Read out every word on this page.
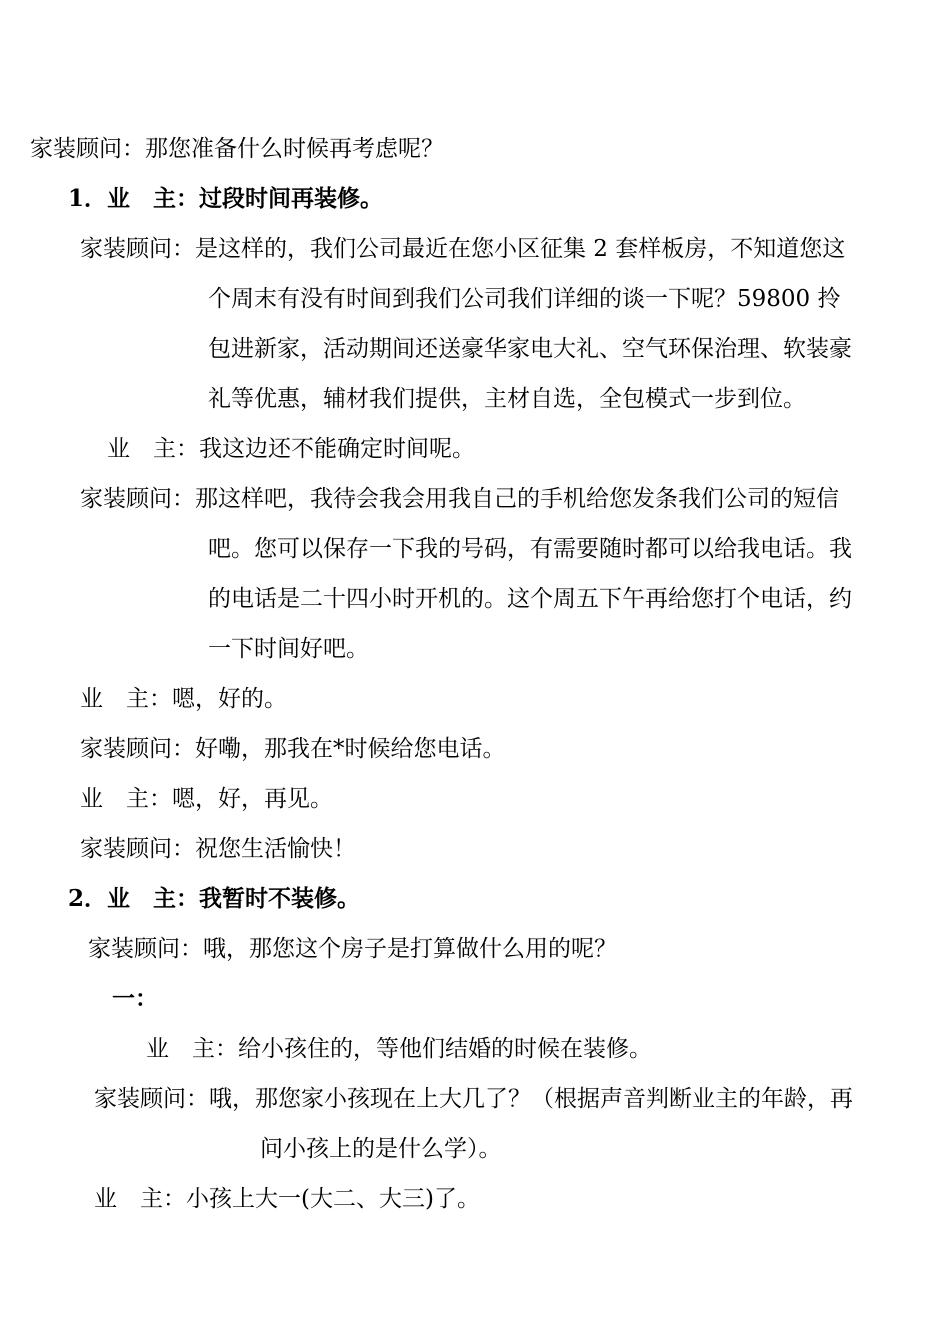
家装顾问：那您准备什么时候再考虑呢？
1．业　主：过段时间再装修。
家装顾问：是这样的，我们公司最近在您小区征集 2 套样板房，不知道您这
个周末有没有时间到我们公司我们详细的谈一下呢？59800 拎
包进新家，活动期间还送豪华家电大礼、空气环保治理、软装豪
礼等优惠，辅材我们提供，主材自选，全包模式一步到位。
业　主：我这边还不能确定时间呢。
家装顾问：那这样吧，我待会我会用我自己的手机给您发条我们公司的短信
吧。您可以保存一下我的号码，有需要随时都可以给我电话。我
的电话是二十四小时开机的。这个周五下午再给您打个电话，约
一下时间好吧。
业　主：嗯，好的。
家装顾问：好嘞，那我在*时候给您电话。
业　主：嗯，好，再见。
家装顾问：祝您生活愉快！
2．业　主：我暂时不装修。
家装顾问：哦，那您这个房子是打算做什么用的呢？
一：
业　主：给小孩住的，等他们结婚的时候在装修。
家装顾问：哦，那您家小孩现在上大几了？（根据声音判断业主的年龄，再
问小孩上的是什么学）。
业　主：小孩上大一(大二、大三)了。
